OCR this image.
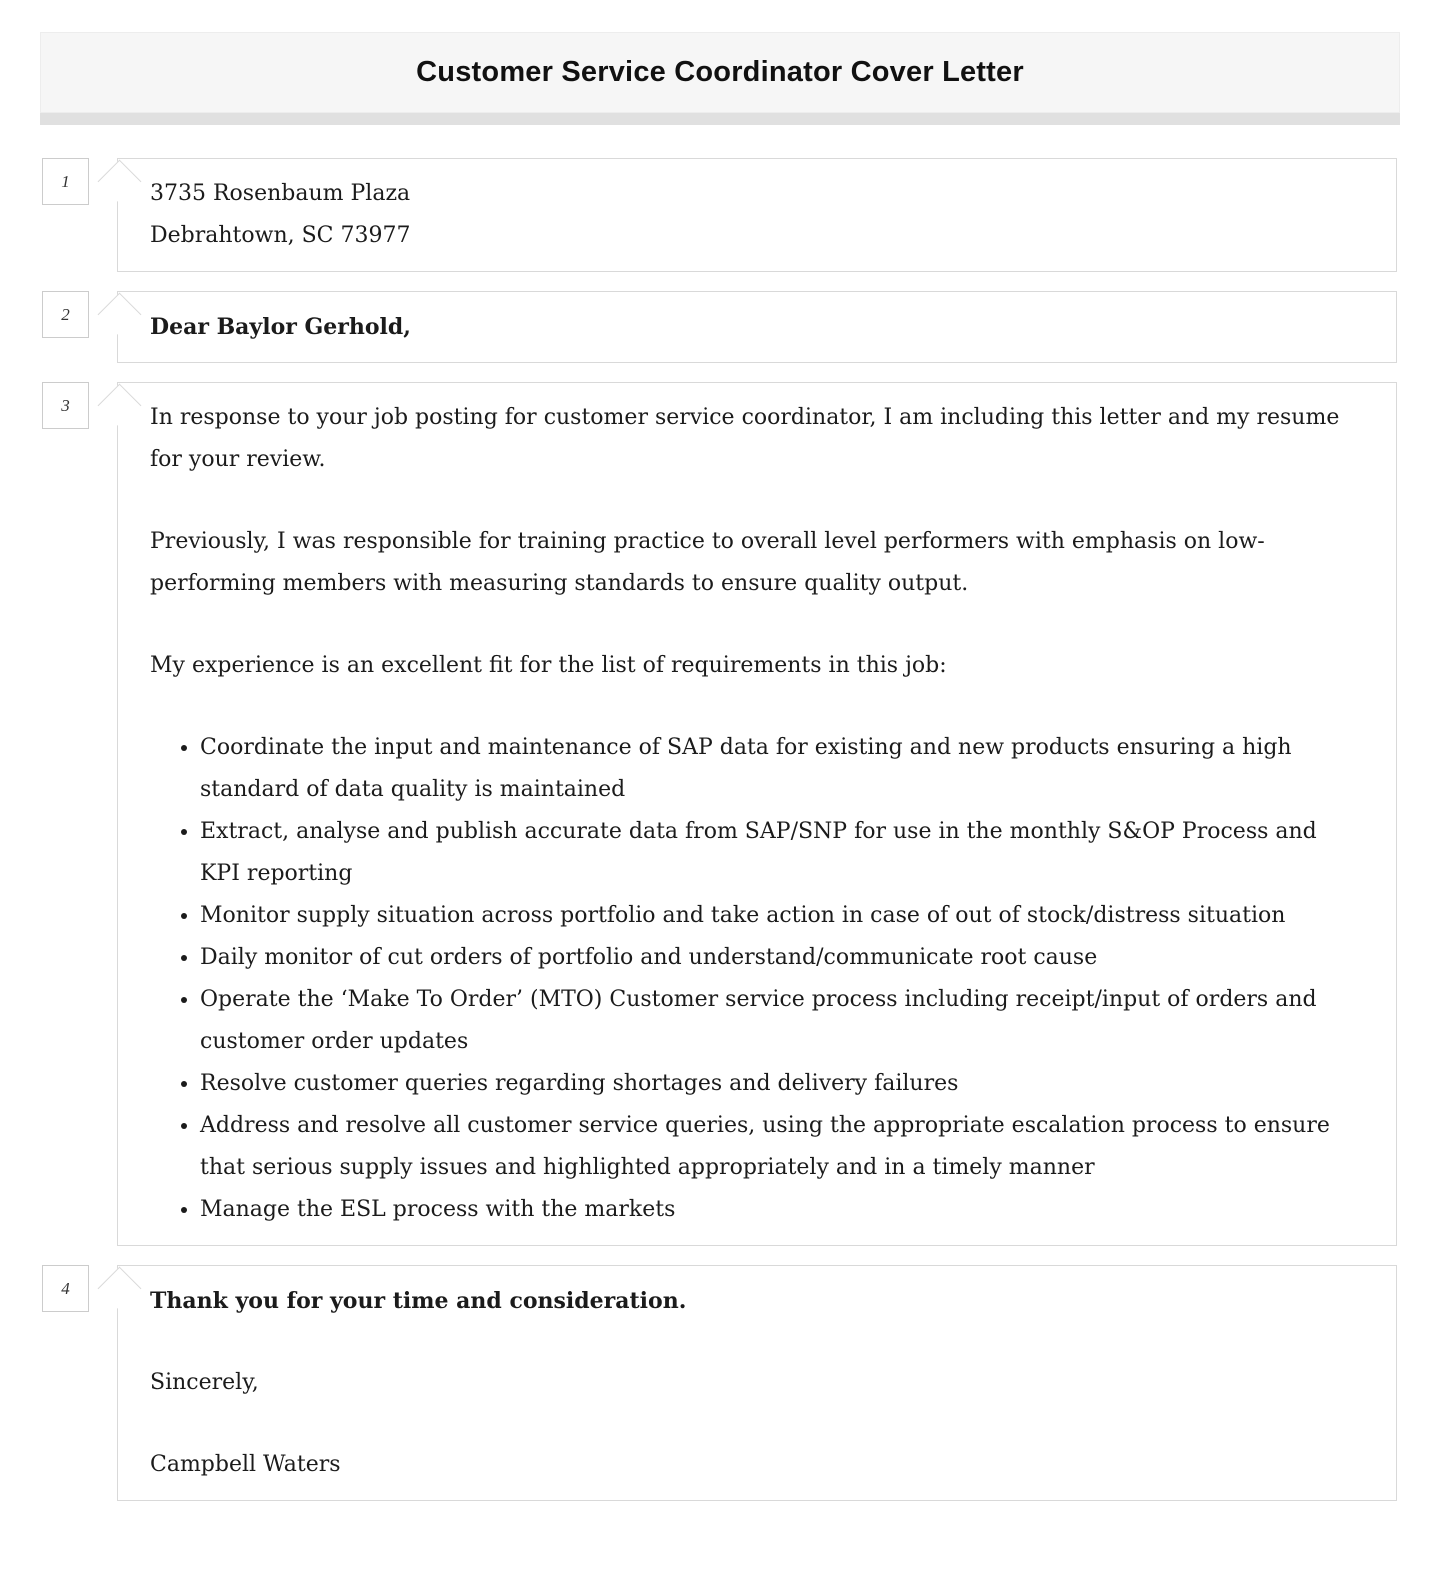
Customer Service Coordinator Cover Letter
1	3735 Rosenbaum Plaza
Debrahtown, SC 73977
2	Dear Baylor Gerhold,

3	In response to your job posting for customer service coordinator, I am including this letter and my resume for your review.

Previously, I was responsible for training practice to overall level performers with emphasis on low-performing members with measuring standards to ensure quality output.

My experience is an excellent fit for the list of requirements in this job:

• Coordinate the input and maintenance of SAP data for existing and new products ensuring a high standard of data quality is maintained
• Extract, analyse and publish accurate data from SAP/SNP for use in the monthly S&OP Process and KPI reporting
• Monitor supply situation across portfolio and take action in case of out of stock/distress situation
• Daily monitor of cut orders of portfolio and understand/communicate root cause
• Operate the ‘Make To Order’ (MTO) Customer service process including receipt/input of orders and customer order updates
• Resolve customer queries regarding shortages and delivery failures
• Address and resolve all customer service queries, using the appropriate escalation process to ensure that serious supply issues and highlighted appropriately and in a timely manner
• Manage the ESL process with the markets
4	Thank you for your time and consideration.

Sincerely,

Campbell Waters
